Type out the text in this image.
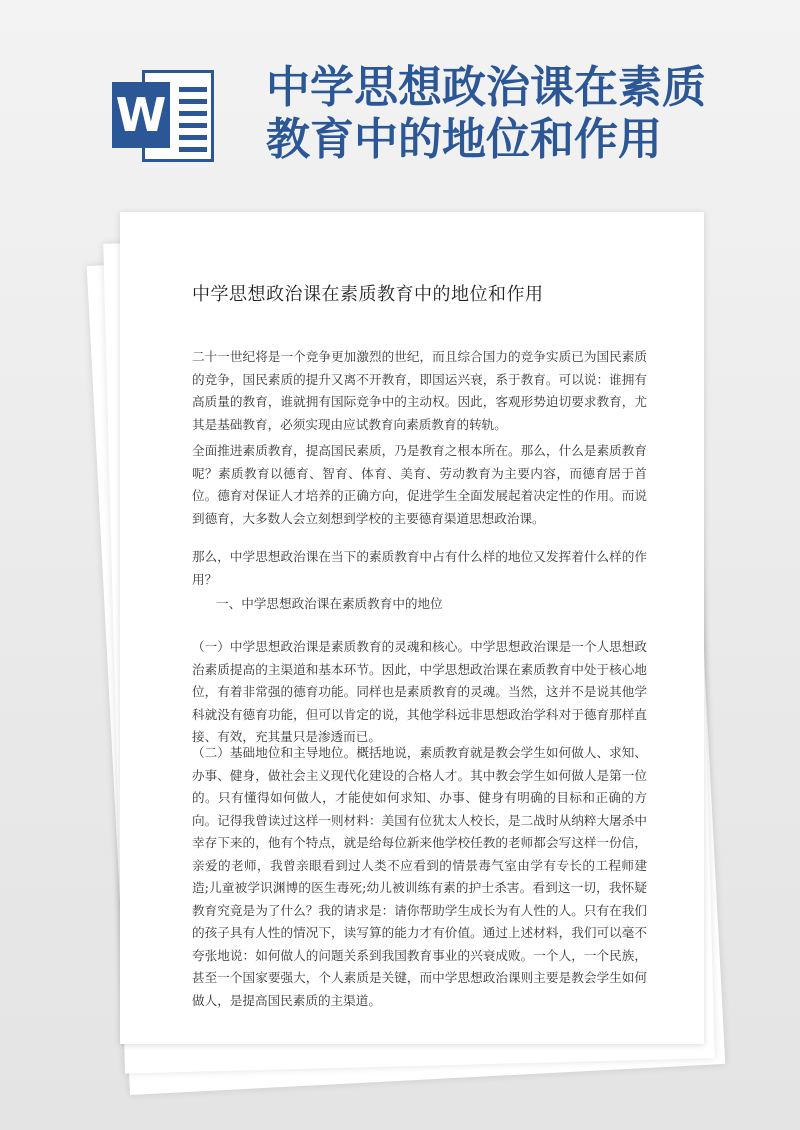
W
中学思想政治课在素质
教育中的地位和作用
中学思想政治课在素质教育中的地位和作用
二十一世纪将是一个竞争更加激烈的世纪，而且综合国力的竞争实质已为国民素质的竞争，国民素质的提升又离不开教育，即国运兴衰，系于教育。可以说：谁拥有高质量的教育，谁就拥有国际竞争中的主动权。因此，客观形势迫切要求教育，尤其是基础教育，必须实现由应试教育向素质教育的转轨。
全面推进素质教育，提高国民素质，乃是教育之根本所在。那么，什么是素质教育呢？素质教育以德育、智育、体育、美育、劳动教育为主要内容，而德育居于首位。德育对保证人才培养的正确方向，促进学生全面发展起着决定性的作用。而说到德育，大多数人会立刻想到学校的主要德育渠道思想政治课。
那么，中学思想政治课在当下的素质教育中占有什么样的地位又发挥着什么样的作用？
一、中学思想政治课在素质教育中的地位
（一）中学思想政治课是素质教育的灵魂和核心。中学思想政治课是一个人思想政治素质提高的主渠道和基本环节。因此，中学思想政治课在素质教育中处于核心地位，有着非常强的德育功能。同样也是素质教育的灵魂。当然，这并不是说其他学科就没有德育功能，但可以肯定的说，其他学科远非思想政治学科对于德育那样直接、有效，充其量只是渗透而已。
（二）基础地位和主导地位。概括地说，素质教育就是教会学生如何做人、求知、办事、健身，做社会主义现代化建设的合格人才。其中教会学生如何做人是第一位的。只有懂得如何做人，才能使如何求知、办事、健身有明确的目标和正确的方向。记得我曾读过这样一则材料：美国有位犹太人校长，是二战时从纳粹大屠杀中幸存下来的，他有个特点，就是给每位新来他学校任教的老师都会写这样一份信，亲爱的老师，我曾亲眼看到过人类不应看到的情景毒气室由学有专长的工程师建造;儿童被学识渊博的医生毒死;幼儿被训练有素的护士杀害。看到这一切，我怀疑教育究竟是为了什么？我的请求是：请你帮助学生成长为有人性的人。只有在我们的孩子具有人性的情况下，读写算的能力才有价值。通过上述材料，我们可以毫不夸张地说：如何做人的问题关系到我国教育事业的兴衰成败。一个人，一个民族，甚至一个国家要强大，个人素质是关键，而中学思想政治课则主要是教会学生如何做人，是提高国民素质的主渠道。
